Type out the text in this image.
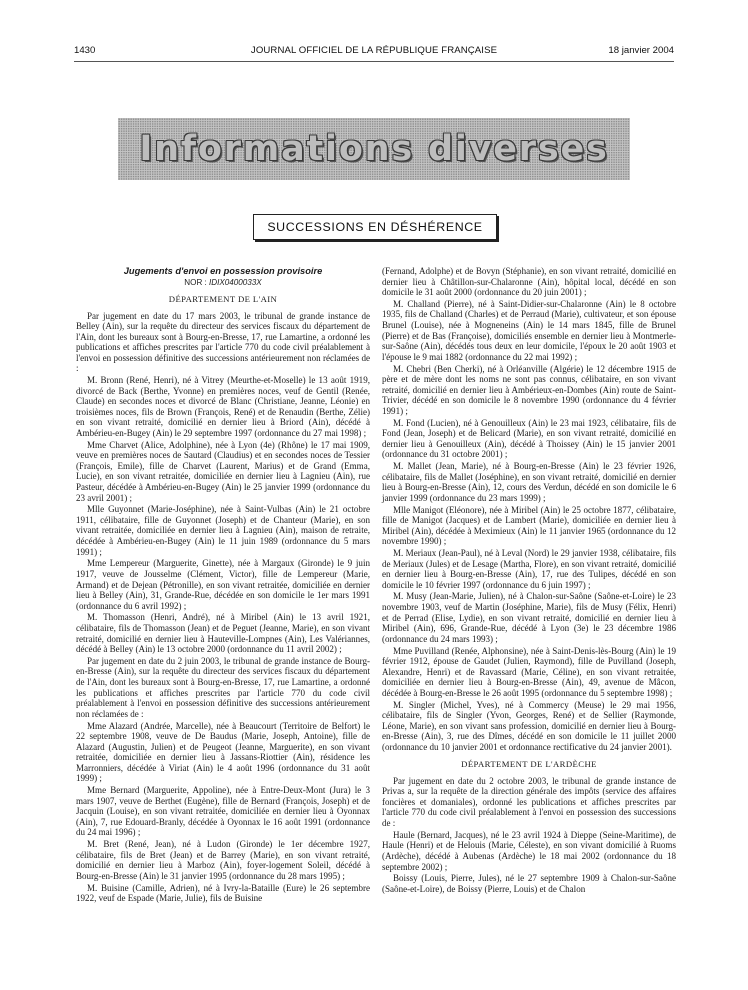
1430	JOURNAL OFFICIEL DE LA RÉPUBLIQUE FRANÇAISE	18 janvier 2004
Informations diverses
SUCCESSIONS EN DÉSHÉRENCE
Jugements d'envoi en possession provisoire
NOR : IDIX0400033X
DÉPARTEMENT DE L'AIN

Par jugement en date du 17 mars 2003, le tribunal de grande instance de Belley (Ain), sur la requête du directeur des services fiscaux du département de l'Ain, dont les bureaux sont à Bourg-en-Bresse, 17, rue Lamartine, a ordonné les publications et affiches prescrites par l'article 770 du code civil préalablement à l'envoi en possession définitive des successions antérieurement non réclamées de :

M. Bronn (René, Henri), né à Vitrey (Meurthe-et-Moselle) le 13 août 1919, divorcé de Back (Berthe, Yvonne) en premières noces, veuf de Gentil (Renée, Claude) en secondes noces et divorcé de Blanc (Christiane, Jeanne, Léonie) en troisièmes noces, fils de Brown (François, René) et de Renaudin (Berthe, Zélie) en son vivant retraité, domicilié en dernier lieu à Briord (Ain), décédé à Ambérieu-en-Bugey (Ain) le 29 septembre 1997 (ordonnance du 27 mai 1998) ;

Mme Charvet (Alice, Adolphine), née à Lyon (4e) (Rhône) le 17 mai 1909, veuve en premières noces de Sautard (Claudius) et en secondes noces de Tessier (François, Emile), fille de Charvet (Laurent, Marius) et de Grand (Emma, Lucie), en son vivant retraitée, domiciliée en dernier lieu à Lagnieu (Ain), rue Pasteur, décédée à Ambérieu-en-Bugey (Ain) le 25 janvier 1999 (ordonnance du 23 avril 2001) ;

Mlle Guyonnet (Marie-Joséphine), née à Saint-Vulbas (Ain) le 21 octobre 1911, célibataire, fille de Guyonnet (Joseph) et de Chanteur (Marie), en son vivant retraitée, domiciliée en dernier lieu à Lagnieu (Ain), maison de retraite, décédée à Ambérieu-en-Bugey (Ain) le 11 juin 1989 (ordonnance du 5 mars 1991) ;

Mme Lempereur (Marguerite, Ginette), née à Margaux (Gironde) le 9 juin 1917, veuve de Jousselme (Clément, Victor), fille de Lempereur (Marie, Armand) et de Dejean (Pétronille), en son vivant retraitée, domiciliée en dernier lieu à Belley (Ain), 31, Grande-Rue, décédée en son domicile le 1er mars 1991 (ordonnance du 6 avril 1992) ;

M. Thomasson (Henri, André), né à Miribel (Ain) le 13 avril 1921, célibataire, fils de Thomasson (Jean) et de Peguet (Jeanne, Marie), en son vivant retraité, domicilié en dernier lieu à Hauteville-Lompnes (Ain), Les Valériannes, décédé à Belley (Ain) le 13 octobre 2000 (ordonnance du 11 avril 2002) ;

Par jugement en date du 2 juin 2003, le tribunal de grande instance de Bourg-en-Bresse (Ain), sur la requête du directeur des services fiscaux du département de l'Ain, dont les bureaux sont à Bourg-en-Bresse, 17, rue Lamartine, a ordonné les publications et affiches prescrites par l'article 770 du code civil préalablement à l'envoi en possession définitive des successions antérieurement non réclamées de :

Mme Alazard (Andrée, Marcelle), née à Beaucourt (Territoire de Belfort) le 22 septembre 1908, veuve de De Baudus (Marie, Joseph, Antoine), fille de Alazard (Augustin, Julien) et de Peugeot (Jeanne, Marguerite), en son vivant retraitée, domiciliée en dernier lieu à Jassans-Riottier (Ain), résidence les Marronniers, décédée à Viriat (Ain) le 4 août 1996 (ordonnance du 31 août 1999) ;

Mme Bernard (Marguerite, Appoline), née à Entre-Deux-Mont (Jura) le 3 mars 1907, veuve de Berthet (Eugène), fille de Bernard (François, Joseph) et de Jacquin (Louise), en son vivant retraitée, domiciliée en dernier lieu à Oyonnax (Ain), 7, rue Edouard-Branly, décédée à Oyonnax le 16 août 1991 (ordonnance du 24 mai 1996) ;

M. Bret (René, Jean), né à Ludon (Gironde) le 1er décembre 1927, célibataire, fils de Bret (Jean) et de Barrey (Marie), en son vivant retraité, domicilié en dernier lieu à Marboz (Ain), foyer-logement Soleil, décédé à Bourg-en-Bresse (Ain) le 31 janvier 1995 (ordonnance du 28 mars 1995) ;

M. Buisine (Camille, Adrien), né à Ivry-la-Bataille (Eure) le 26 septembre 1922, veuf de Espade (Marie, Julie), fils de Buisine

(Fernand, Adolphe) et de Bovyn (Stéphanie), en son vivant retraité, domicilié en dernier lieu à Châtillon-sur-Chalaronne (Ain), hôpital local, décédé en son domicile le 31 août 2000 (ordonnance du 20 juin 2001) ;

M. Challand (Pierre), né à Saint-Didier-sur-Chalaronne (Ain) le 8 octobre 1935, fils de Challand (Charles) et de Perraud (Marie), cultivateur, et son épouse Brunel (Louise), née à Mogneneins (Ain) le 14 mars 1845, fille de Brunel (Pierre) et de Bas (Françoise), domiciliés ensemble en dernier lieu à Montmerle-sur-Saône (Ain), décédés tous deux en leur domicile, l'époux le 20 août 1903 et l'épouse le 9 mai 1882 (ordonnance du 22 mai 1992) ;

M. Chebri (Ben Cherki), né à Orléanville (Algérie) le 12 décembre 1915 de père et de mère dont les noms ne sont pas connus, célibataire, en son vivant retraité, domicilié en dernier lieu à Ambérieux-en-Dombes (Ain) route de Saint-Trivier, décédé en son domicile le 8 novembre 1990 (ordonnance du 4 février 1991) ;

M. Fond (Lucien), né à Genouilleux (Ain) le 23 mai 1923, célibataire, fils de Fond (Jean, Joseph) et de Belicard (Marie), en son vivant retraité, domicilié en dernier lieu à Genouilleux (Ain), décédé à Thoissey (Ain) le 15 janvier 2001 (ordonnance du 31 octobre 2001) ;

M. Mallet (Jean, Marie), né à Bourg-en-Bresse (Ain) le 23 février 1926, célibataire, fils de Mallet (Joséphine), en son vivant retraité, domicilié en dernier lieu à Bourg-en-Bresse (Ain), 12, cours des Verdun, décédé en son domicile le 6 janvier 1999 (ordonnance du 23 mars 1999) ;

Mlle Manigot (Eléonore), née à Miribel (Ain) le 25 octobre 1877, célibataire, fille de Manigot (Jacques) et de Lambert (Marie), domiciliée en dernier lieu à Miribel (Ain), décédée à Meximieux (Ain) le 11 janvier 1965 (ordonnance du 12 novembre 1990) ;

M. Meriaux (Jean-Paul), né à Leval (Nord) le 29 janvier 1938, célibataire, fils de Meriaux (Jules) et de Lesage (Martha, Flore), en son vivant retraité, domicilié en dernier lieu à Bourg-en-Bresse (Ain), 17, rue des Tulipes, décédé en son domicile le 10 février 1997 (ordonnance du 6 juin 1997) ;

M. Musy (Jean-Marie, Julien), né à Chalon-sur-Saône (Saône-et-Loire) le 23 novembre 1903, veuf de Martin (Joséphine, Marie), fils de Musy (Félix, Henri) et de Perrad (Elise, Lydie), en son vivant retraité, domicilié en dernier lieu à Miribel (Ain), 696, Grande-Rue, décédé à Lyon (3e) le 23 décembre 1986 (ordonnance du 24 mars 1993) ;

Mme Puvilland (Renée, Alphonsine), née à Saint-Denis-lès-Bourg (Ain) le 19 février 1912, épouse de Gaudet (Julien, Raymond), fille de Puvilland (Joseph, Alexandre, Henri) et de Ravassard (Marie, Céline), en son vivant retraitée, domiciliée en dernier lieu à Bourg-en-Bresse (Ain), 49, avenue de Mâcon, décédée à Bourg-en-Bresse le 26 août 1995 (ordonnance du 5 septembre 1998) ;

M. Singler (Michel, Yves), né à Commercy (Meuse) le 29 mai 1956, célibataire, fils de Singler (Yvon, Georges, René) et de Sellier (Raymonde, Léone, Marie), en son vivant sans profession, domicilié en dernier lieu à Bourg-en-Bresse (Ain), 3, rue des Dîmes, décédé en son domicile le 11 juillet 2000 (ordonnance du 10 janvier 2001 et ordonnance rectificative du 24 janvier 2001).

DÉPARTEMENT DE L'ARDÈCHE

Par jugement en date du 2 octobre 2003, le tribunal de grande instance de Privas a, sur la requête de la direction générale des impôts (service des affaires foncières et domaniales), ordonné les publications et affiches prescrites par l'article 770 du code civil préalablement à l'envoi en possession des successions de :

Haule (Bernard, Jacques), né le 23 avril 1924 à Dieppe (Seine-Maritime), de Haule (Henri) et de Helouis (Marie, Céleste), en son vivant domicilié à Ruoms (Ardèche), décédé à Aubenas (Ardèche) le 18 mai 2002 (ordonnance du 18 septembre 2002) ;

Boissy (Louis, Pierre, Jules), né le 27 septembre 1909 à Chalon-sur-Saône (Saône-et-Loire), de Boissy (Pierre, Louis) et de Chalon
